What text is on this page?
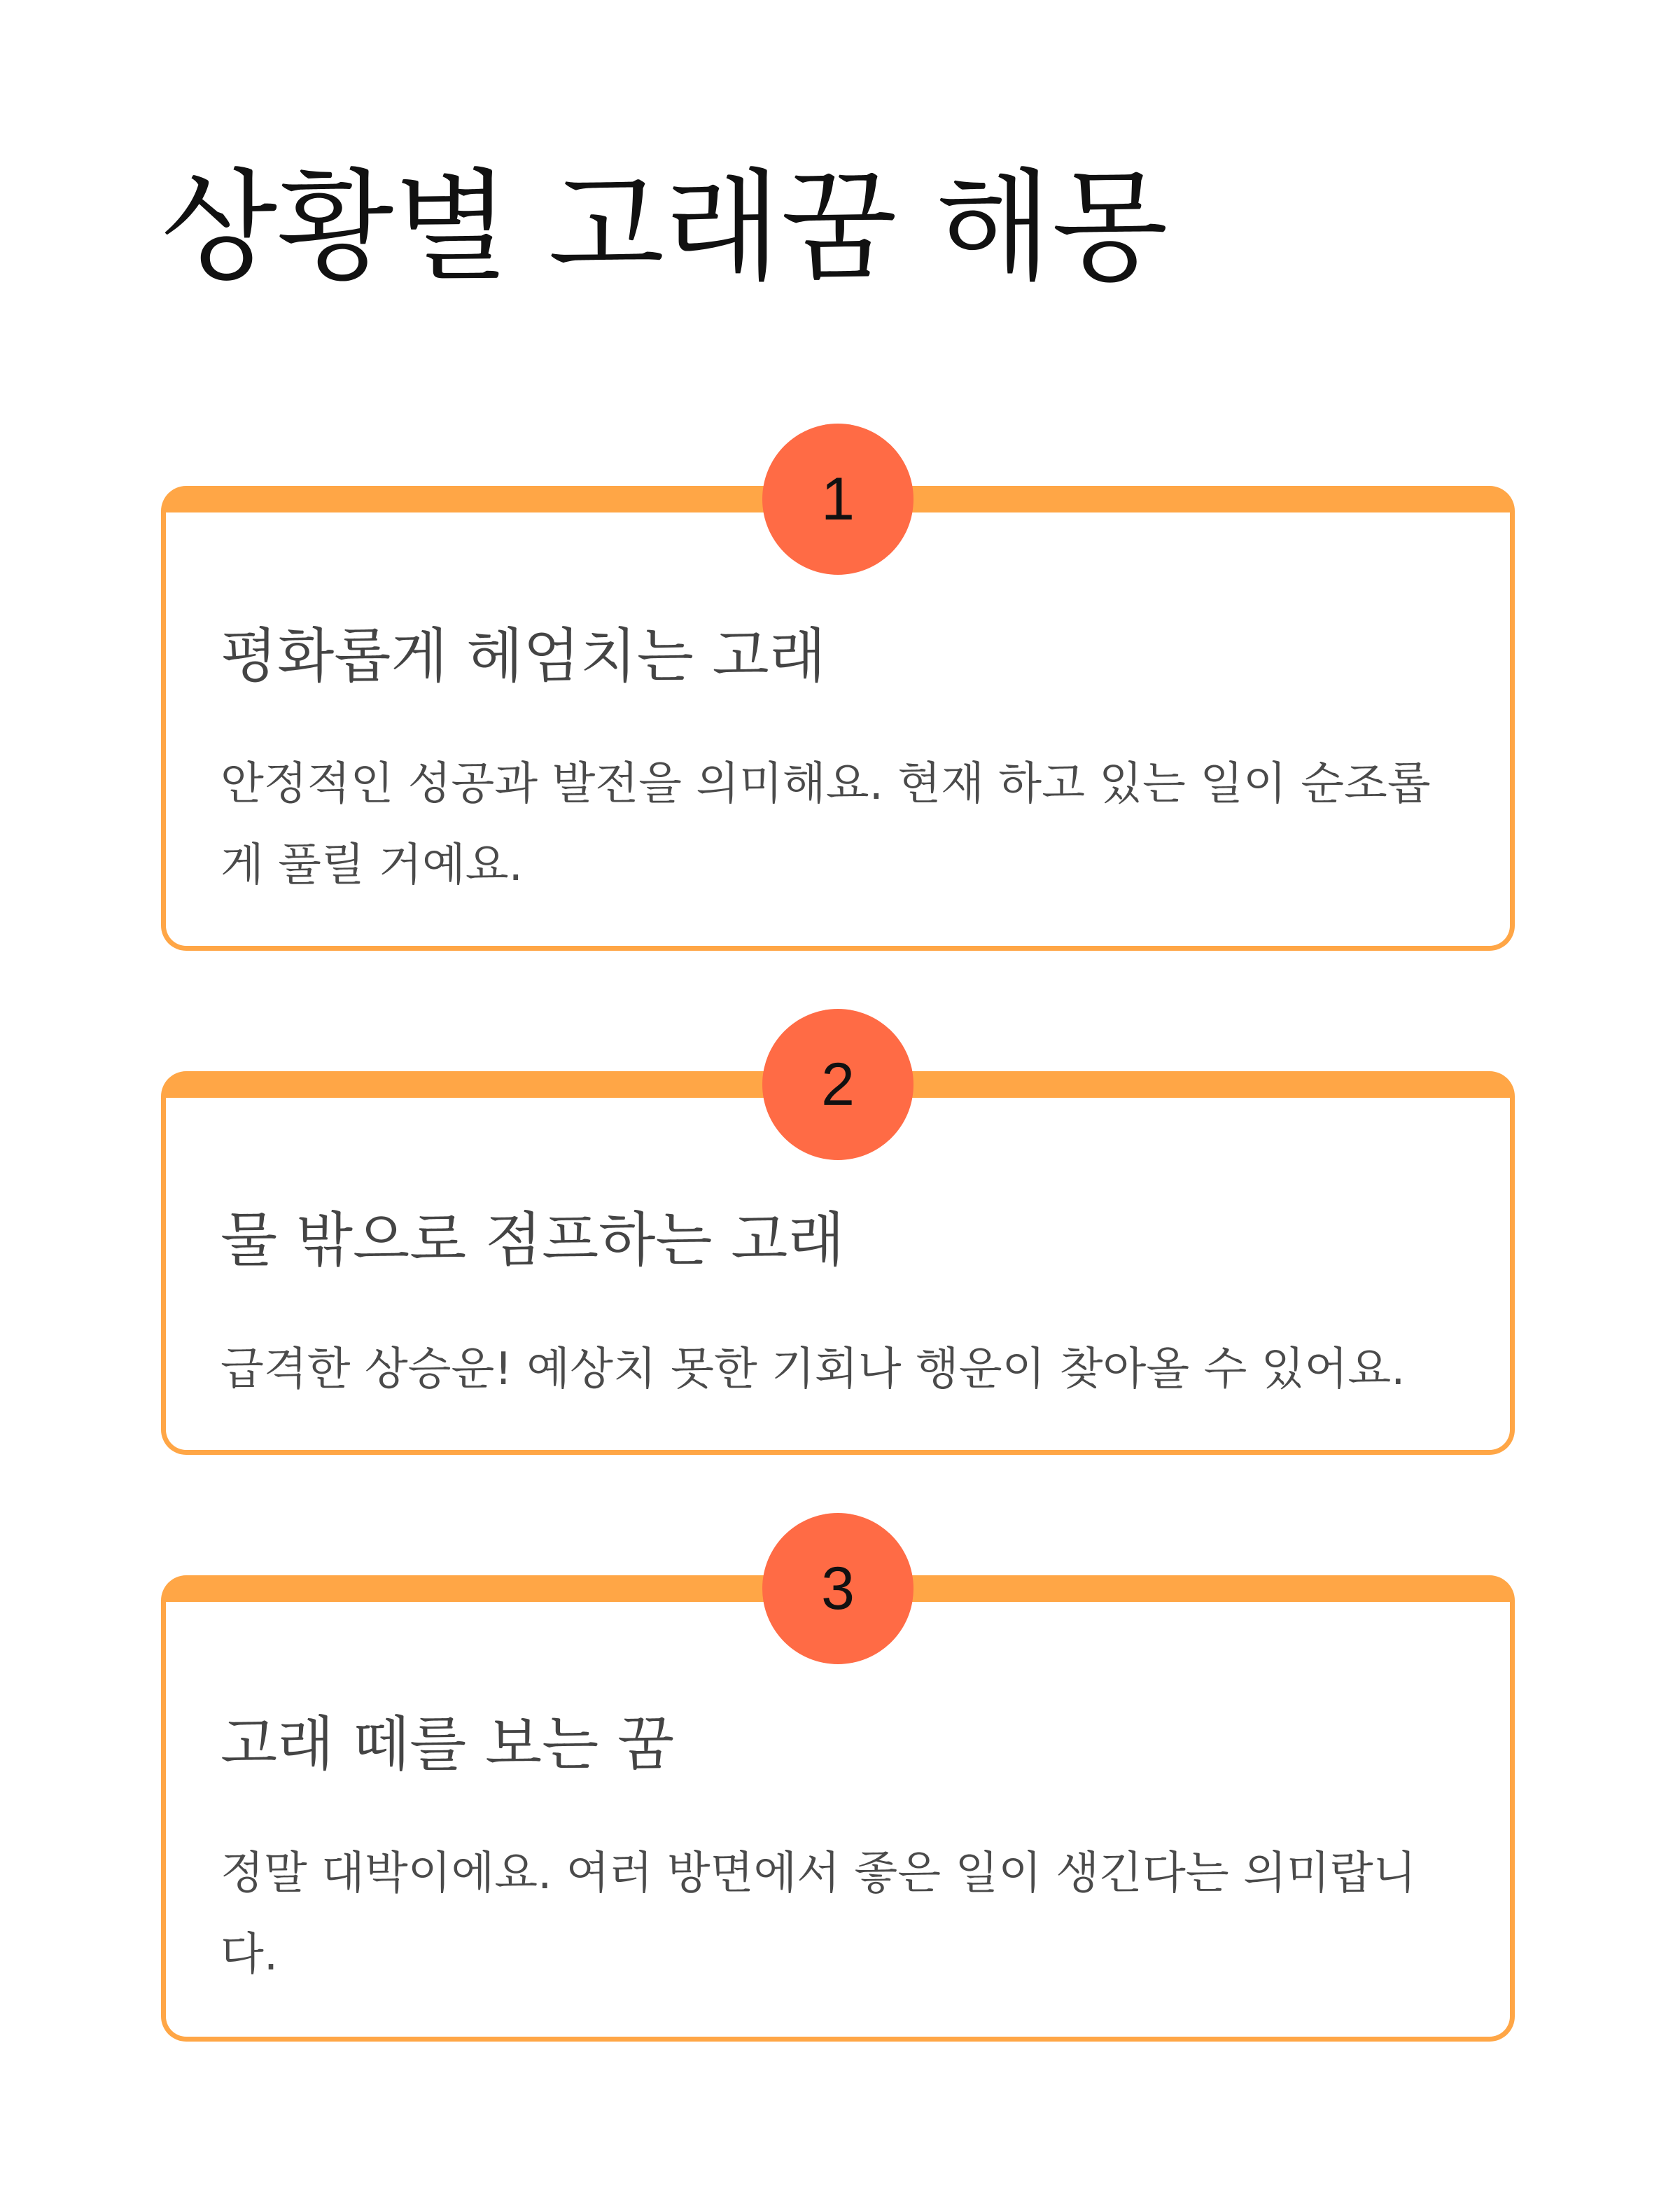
상황별 고래꿈 해몽
1
평화롭게 헤엄치는 고래

안정적인 성공과 발전을 의미해요. 현재 하고 있는 일이 순조롭게 풀릴 거예요.

2
물 밖으로 점프하는 고래

급격한 상승운! 예상치 못한 기회나 행운이 찾아올 수 있어요.

3
고래 떼를 보는 꿈

정말 대박이에요. 여러 방면에서 좋은 일이 생긴다는 의미랍니다.
